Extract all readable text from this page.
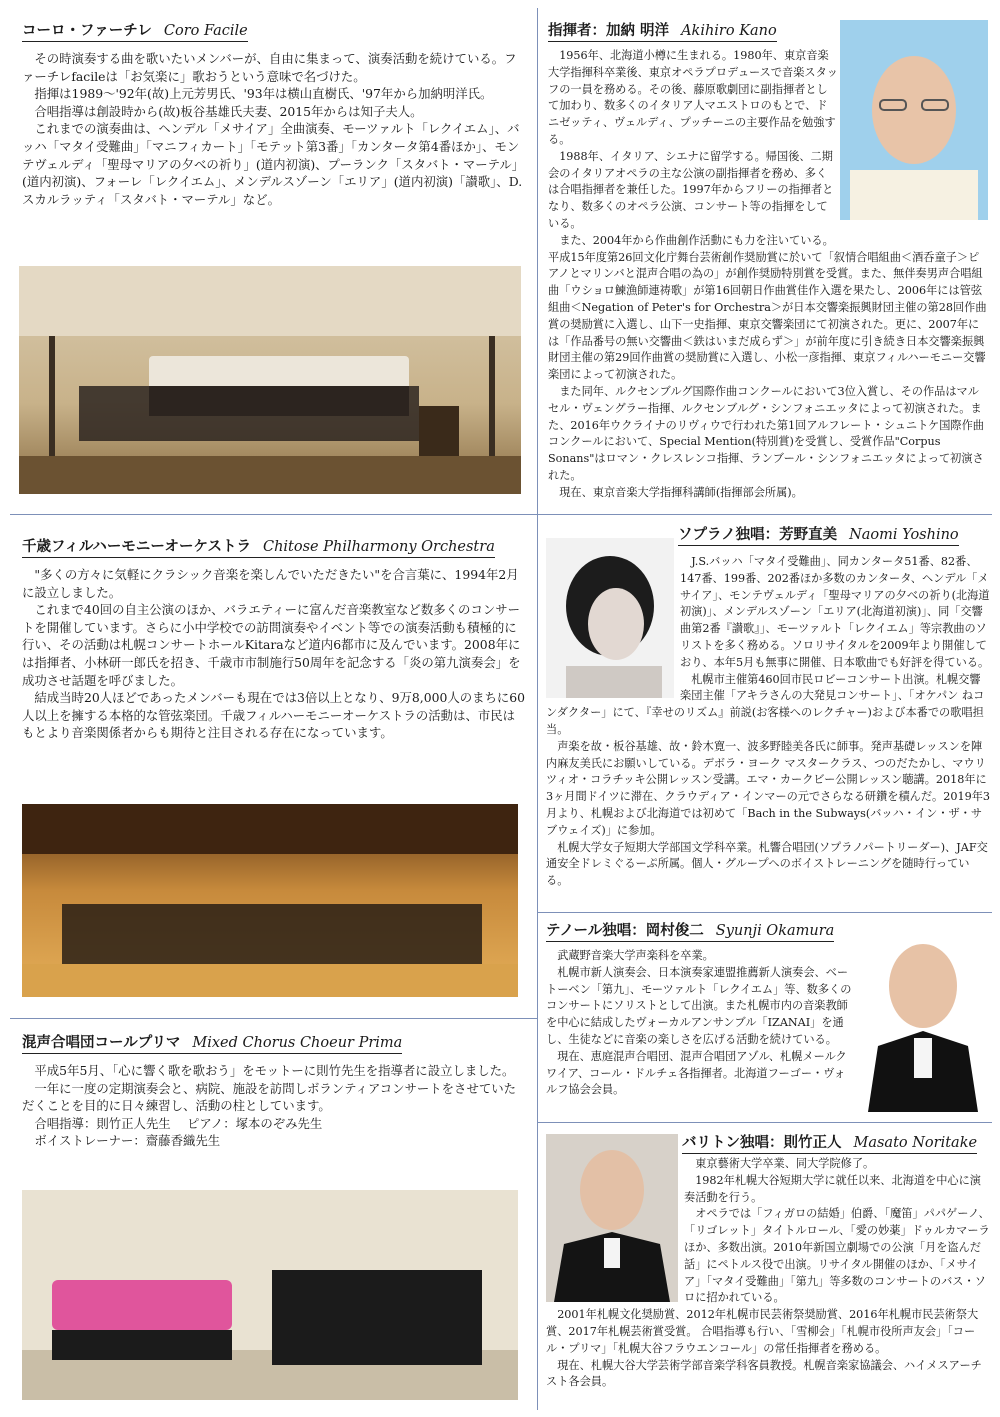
コーロ・ファーチレ Coro Facile

その時演奏する曲を歌いたいメンバーが、自由に集まって、演奏活動を続けている。ファーチレfacileは「お気楽に」歌おうという意味で名づけた。

指揮は1989～'92年(故)上元芳男氏、'93年は横山直樹氏、'97年から加納明洋氏。

合唱指導は創設時から(故)板谷基雄氏夫妻、2015年からは知子夫人。

これまでの演奏曲は、ヘンデル「メサイア」全曲演奏、モーツァルト「レクイエム」、バッハ「マタイ受難曲」「マニフィカート」「モテット第3番」「カンタータ第4番ほか」、モンテヴェルディ「聖母マリアの夕べの祈り」(道内初演)、プーランク「スタバト・マーテル」(道内初演)、フォーレ「レクイエム」、メンデルスゾーン「エリア」(道内初演)「讃歌」、D.スカルラッティ「スタバト・マーテル」など。

指揮者：加納 明洋 Akihiro Kano

1956年、北海道小樽に生まれる。1980年、東京音楽大学指揮科卒業後、東京オペラプロデュースで音楽スタッフの一員を務める。その後、藤原歌劇団に副指揮者として加わり、数多くのイタリア人マエストロのもとで、ドニゼッティ、ヴェルディ、プッチーニの主要作品を勉強する。

1988年、イタリア、シエナに留学する。帰国後、二期会のイタリアオペラの主な公演の副指揮者を務め、多くは合唱指揮者を兼任した。1997年からフリーの指揮者となり、数多くのオペラ公演、コンサート等の指揮をしている。

また、2004年から作曲創作活動にも力を注いている。平成15年度第26回文化庁舞台芸術創作奨励賞に於いて「叙情合唱組曲＜酒呑童子＞ピアノとマリンバと混声合唱の為の」が創作奨励特別賞を受賞。また、無伴奏男声合唱組曲「ウショロ鰊漁師連祷歌」が第16回朝日作曲賞佳作入選を果たし、2006年には管弦組曲＜Negation of Peter's for Orchestra＞が日本交響楽振興財団主催の第28回作曲賞の奨励賞に入選し、山下一史指揮、東京交響楽団にて初演された。更に、2007年には「作品番号の無い交響曲＜鉄はいまだ成らず＞」が前年度に引き続き日本交響楽振興財団主催の第29回作曲賞の奨励賞に入選し、小松一彦指揮、東京フィルハーモニー交響楽団によって初演された。

また同年、ルクセンブルグ国際作曲コンクールにおいて3位入賞し、その作品はマルセル・ヴェングラー指揮、ルクセンブルグ・シンフォニエッタによって初演された。また、2016年ウクライナのリヴィウで行われた第1回アルフレート・シュニトケ国際作曲コンクールにおいて、Special Mention(特別賞)を受賞し、受賞作品"Corpus Sonans"はロマン・クレスレンコ指揮、ランブール・シンフォニエッタによって初演された。

現在、東京音楽大学指揮科講師(指揮部会所属)。

千歳フィルハーモニーオーケストラ Chitose Philharmony Orchestra

"多くの方々に気軽にクラシック音楽を楽しんでいただきたい"を合言葉に、1994年2月に設立しました。

これまで40回の自主公演のほか、バラエティーに富んだ音楽教室など数多くのコンサートを開催しています。さらに小中学校での訪問演奏やイベント等での演奏活動も積極的に行い、その活動は札幌コンサートホールKitaraなど道内6都市に及んでいます。2008年には指揮者、小林研一郎氏を招き、千歳市市制施行50周年を記念する「炎の第九演奏会」を成功させ話題を呼びました。

結成当時20人ほどであったメンバーも現在では3倍以上となり、9万8,000人のまちに60人以上を擁する本格的な管弦楽団。千歳フィルハーモニーオーケストラの活動は、市民はもとより音楽関係者からも期待と注目される存在になっています。

混声合唱団コールプリマ Mixed Chorus Choeur Prima

平成5年5月、「心に響く歌を歌おう」をモットーに則竹先生を指導者に設立しました。

一年に一度の定期演奏会と、病院、施設を訪問しボランティアコンサートをさせていただくことを目的に日々練習し、活動の柱としています。

合唱指導：則竹正人先生　 ピアノ：塚本のぞみ先生

ボイストレーナー：齋藤香織先生

ソプラノ独唱：芳野直美 Naomi Yoshino

J.S.バッハ「マタイ受難曲」、同カンタータ51番、82番、147番、199番、202番ほか多数のカンタータ、ヘンデル「メサイア」、モンテヴェルディ「聖母マリアの夕べの祈り(北海道初演)」、メンデルスゾーン「エリア(北海道初演)」、同「交響曲第2番『讃歌』」、モーツァルト「レクイエム」等宗教曲のソリストを多く務める。ソロリサイタルを2009年より開催しており、本年5月も無事に開催、日本歌曲でも好評を得ている。

札幌市主催第460回市民ロビーコンサート出演。札幌交響楽団主催「アキラさんの大発見コンサート」、「オケパン ねコンダクター」にて、『幸せのリズム』前説(お客様へのレクチャー)および本番での歌唱担当。

声楽を故・板谷基雄、故・鈴木寛一、波多野睦美各氏に師事。発声基礎レッスンを陣内麻友美氏にお願いしている。デボラ・ヨーク マスタークラス、つのだたかし、マウリツィオ・コラチッキ公開レッスン受講。エマ・カークビー公開レッスン聴講。2018年に3ヶ月間ドイツに滞在、クラウディア・インマーの元でさらなる研鑽を積んだ。2019年3月より、札幌および北海道では初めて「Bach in the Subways(バッハ・イン・ザ・サブウェイズ)」に参加。

札幌大学女子短期大学部国文学科卒業。札響合唱団(ソプラノパートリーダー)、JAF交通安全ドレミぐるーぷ所属。個人・グループへのボイストレーニングを随時行っている。

テノール独唱：岡村俊二 Syunji Okamura

武蔵野音楽大学声楽科を卒業。

札幌市新人演奏会、日本演奏家連盟推薦新人演奏会、ベートーベン「第九」、モーツァルト「レクイエム」等、数多くのコンサートにソリストとして出演。また札幌市内の音楽教師を中心に結成したヴォーカルアンサンブル「IZANAI」を通し、生徒などに音楽の楽しさを広げる活動を続けている。

現在、恵庭混声合唱団、混声合唱団アゾル、札幌メールクワイア、コール・ドルチェ各指揮者。北海道フーゴー・ヴォルフ協会会員。

バリトン独唱：則竹正人 Masato Noritake

東京藝術大学卒業、同大学院修了。

1982年札幌大谷短期大学に就任以来、北海道を中心に演奏活動を行う。

オペラでは「フィガロの結婚」伯爵、「魔笛」パパゲーノ、「リゴレット」タイトルロール、「愛の妙薬」ドゥルカマーラほか、多数出演。2010年新国立劇場での公演「月を盗んだ話」にペトルス役で出演。リサイタル開催のほか、「メサイア」「マタイ受難曲」「第九」等多数のコンサートのバス・ソロに招かれている。

2001年札幌文化奨励賞、2012年札幌市民芸術祭奨励賞、2016年札幌市民芸術祭大賞、2017年札幌芸術賞受賞。 合唱指導も行い、「雪柳会」「札幌市役所声友会」「コール・プリマ」「札幌大谷フラウエンコール」の常任指揮者を務める。

現在、札幌大谷大学芸術学部音楽学科客員教授。札幌音楽家協議会、ハイメスアーチスト各会員。
